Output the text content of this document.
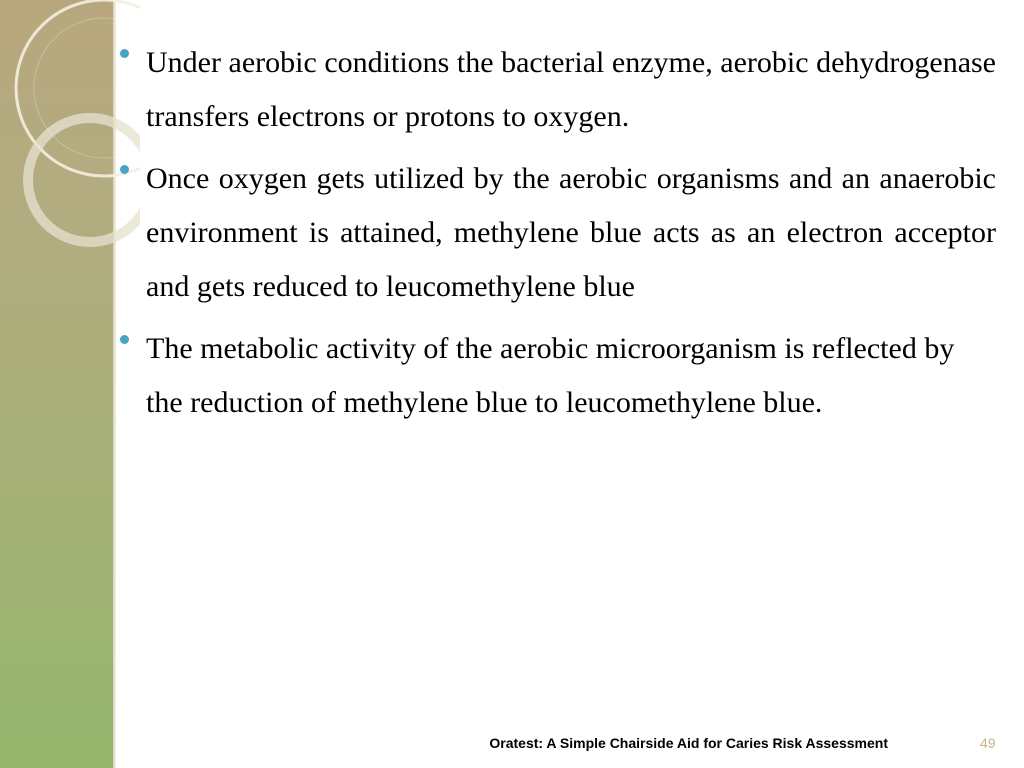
Under aerobic conditions the bacterial enzyme, aerobic dehydrogenase transfers electrons or protons to oxygen.
Once oxygen gets utilized by the aerobic organisms and an anaerobic environment is attained, methylene blue acts as an electron acceptor and gets reduced to leucomethylene blue
The metabolic activity of the aerobic microorganism is reflected by the reduction of methylene blue to leucomethylene blue.
Oratest: A Simple Chairside Aid for Caries Risk Assessment	49
